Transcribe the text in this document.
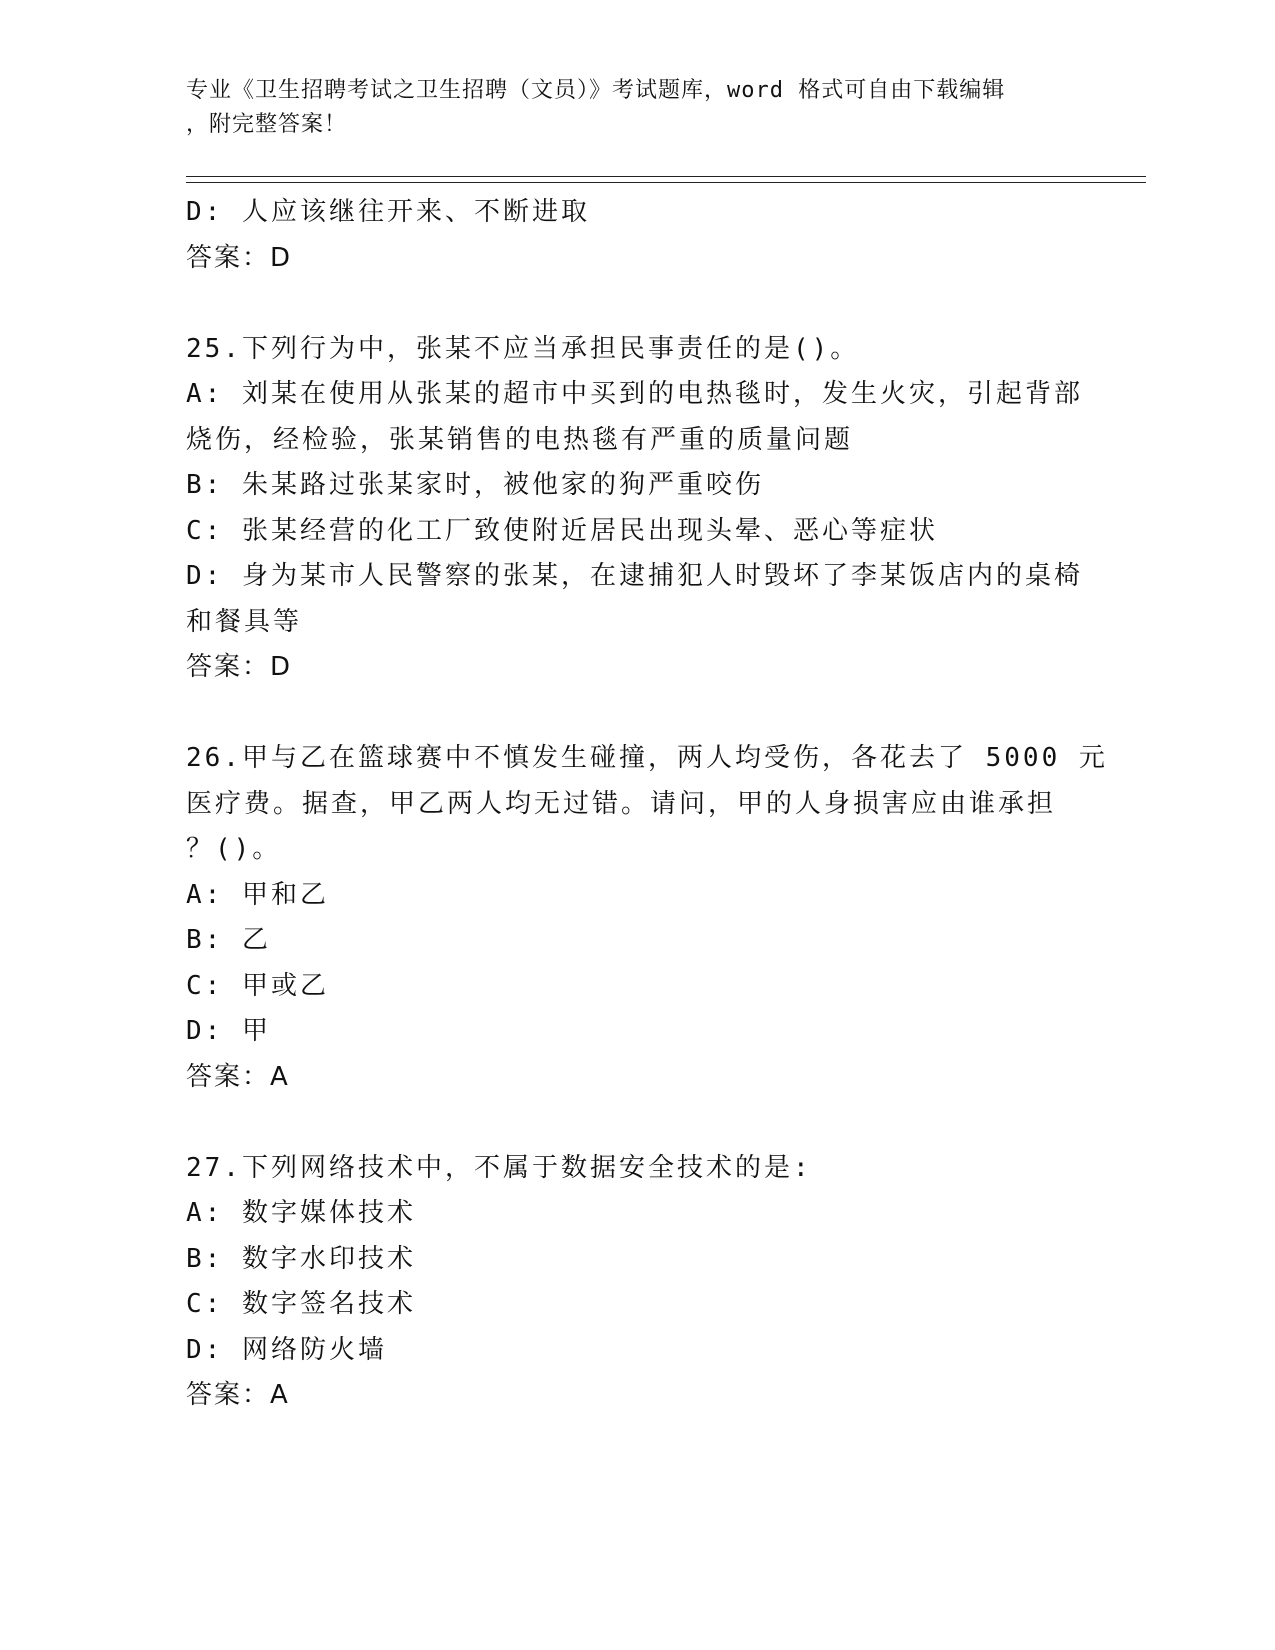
专业《卫生招聘考试之卫生招聘（文员）》考试题库，word 格式可自由下载编辑
，附完整答案！
D: 人应该继往开来、不断进取
答案：D
25.下列行为中，张某不应当承担民事责任的是()。
A: 刘某在使用从张某的超市中买到的电热毯时，发生火灾，引起背部
烧伤，经检验，张某销售的电热毯有严重的质量问题
B: 朱某路过张某家时，被他家的狗严重咬伤
C: 张某经营的化工厂致使附近居民出现头晕、恶心等症状
D: 身为某市人民警察的张某，在逮捕犯人时毁坏了李某饭店内的桌椅
和餐具等
答案：D
26.甲与乙在篮球赛中不慎发生碰撞，两人均受伤，各花去了 5000 元
医疗费。据查，甲乙两人均无过错。请问，甲的人身损害应由谁承担
？()。
A: 甲和乙
B: 乙
C: 甲或乙
D: 甲
答案：A
27.下列网络技术中，不属于数据安全技术的是:
A: 数字媒体技术
B: 数字水印技术
C: 数字签名技术
D: 网络防火墙
答案：A
